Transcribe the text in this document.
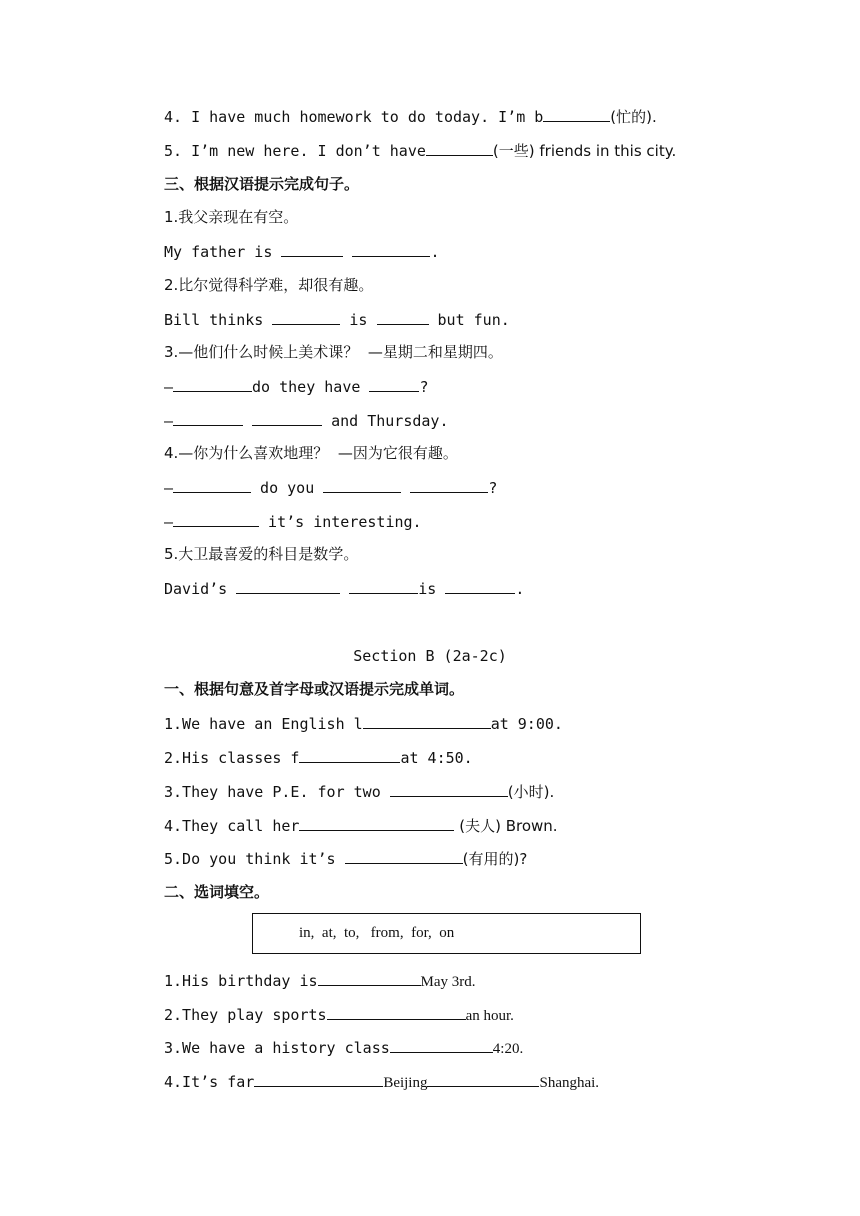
4. I have much homework to do today. I’m b	(忙的).
5. I’m new here. I don’t have	(一些) friends in this city.
三、根据汉语提示完成句子。
1.我父亲现在有空。
My father is	.
2.比尔觉得科学难，却很有趣。
Bill thinks	is	but fun.
3.—他们什么时候上美术课？  —星期二和星期四。
—	do they have	?
—	and Thursday.
4.—你为什么喜欢地理？  —因为它很有趣。
—	do you	?
—	it’s interesting.
5.大卫最喜爱的科目是数学。
David’s	is	.
Section B (2a-2c)
一、根据句意及首字母或汉语提示完成单词。
1.We have an English l	at 9:00.
2.His classes f	at 4:50.
3.They have P.E. for two	(小时).
4.They call her	(夫人) Brown.
5.Do you think it’s	(有用的)?
二、选词填空。
in,  at,  to,   from,  for,  on
1.His birthday is	May 3rd.
2.They play sports	an hour.
3.We have a history class	4:20.
4.It’s far	Beijing	Shanghai.
